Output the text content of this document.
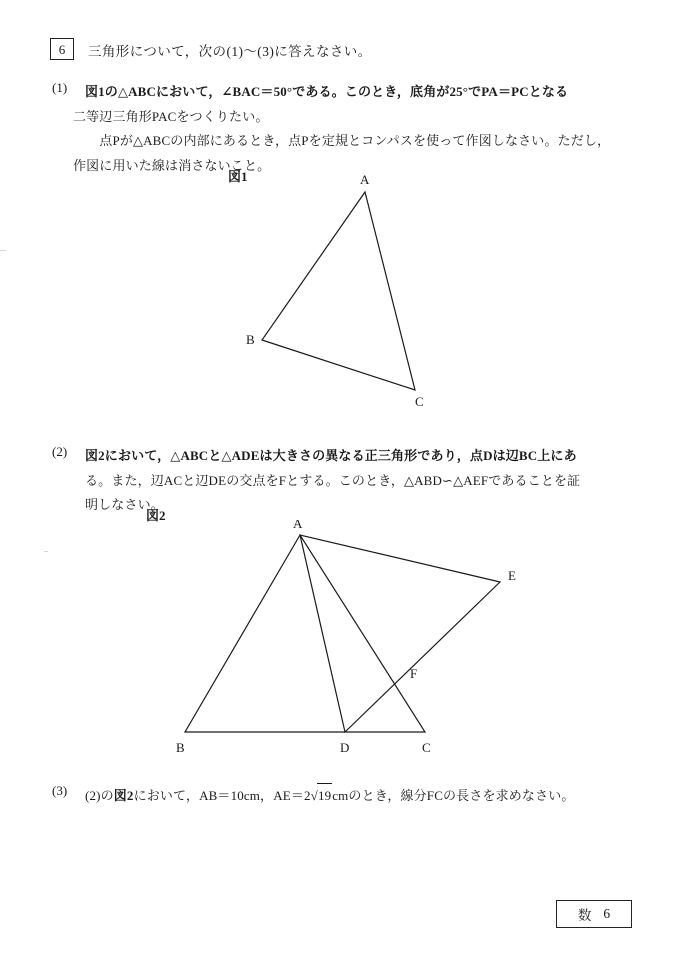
6 三角形について，次の(1)～(3)に答えなさい。
(1) 図1の△ABCにおいて，∠BAC＝50°である。このとき，底角が25°でPA＝PCとなる
二等辺三角形PACをつくりたい。
点Pが△ABCの内部にあるとき，点Pを定規とコンパスを使って作図しなさい。ただし，
作図に用いた線は消さないこと。
図1	A
B
C
(2) 図2において，△ABCと△ADEは大きさの異なる正三角形であり，点Dは辺BC上にあ
る。また，辺ACと辺DEの交点をFとする。このとき，△ABD∽△AEFであることを証
明しなさい。
図2
A
B	C
D
E
F
(3) (2)の図2において，AB＝10cm，AE＝2√19cmのとき，線分FCの長さを求めなさい。
数 6
